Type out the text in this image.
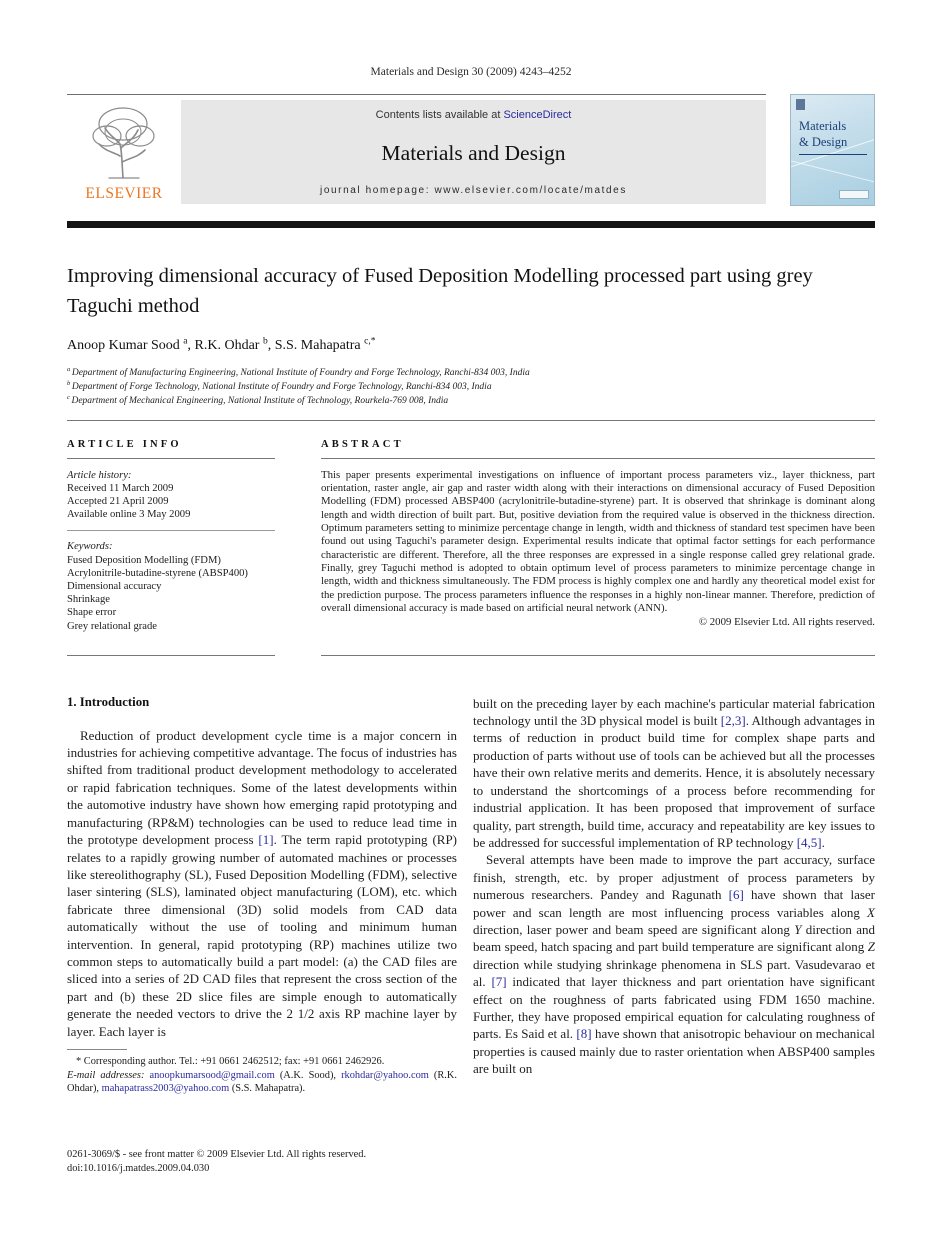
Materials and Design 30 (2009) 4243–4252
ELSEVIER
Contents lists available at ScienceDirect
Materials and Design
journal homepage: www.elsevier.com/locate/matdes
Materials
& Design
Improving dimensional accuracy of Fused Deposition Modelling processed part using grey Taguchi method
Anoop Kumar Sood $^a$, R.K. Ohdar $^b$, S.S. Mahapatra $^{c,*}$
$^a$ Department of Manufacturing Engineering, National Institute of Foundry and Forge Technology, Ranchi-834 003, India
$^b$ Department of Forge Technology, National Institute of Foundry and Forge Technology, Ranchi-834 003, India
$^c$ Department of Mechanical Engineering, National Institute of Technology, Rourkela-769 008, India
ARTICLE INFO
Article history:
Received 11 March 2009
Accepted 21 April 2009
Available online 3 May 2009
Keywords:
Fused Deposition Modelling (FDM)
Acrylonitrile-butadine-styrene (ABSP400)
Dimensional accuracy
Shrinkage
Shape error
Grey relational grade
ABSTRACT
This paper presents experimental investigations on influence of important process parameters viz., layer thickness, part orientation, raster angle, air gap and raster width along with their interactions on dimensional accuracy of Fused Deposition Modelling (FDM) processed ABSP400 (acrylonitrile-butadine-styrene) part. It is observed that shrinkage is dominant along length and width direction of built part. But, positive deviation from the required value is observed in the thickness direction. Optimum parameters setting to minimize percentage change in length, width and thickness of standard test specimen have been found out using Taguchi's parameter design. Experimental results indicate that optimal factor settings for each performance characteristic are different. Therefore, all the three responses are expressed in a single response called grey relational grade. Finally, grey Taguchi method is adopted to obtain optimum level of process parameters to minimize percentage change in length, width and thickness simultaneously. The FDM process is highly complex one and hardly any theoretical model exist for the prediction purpose. The process parameters influence the responses in a highly non-linear manner. Therefore, prediction of overall dimensional accuracy is made based on artificial neural network (ANN).
© 2009 Elsevier Ltd. All rights reserved.
1. Introduction
Reduction of product development cycle time is a major concern in industries for achieving competitive advantage. The focus of industries has shifted from traditional product development methodology to accelerated or rapid fabrication techniques. Some of the latest developments within the automotive industry have shown how emerging rapid prototyping and manufacturing (RP&M) technologies can be used to reduce lead time in the prototype development process [1]. The term rapid prototyping (RP) relates to a rapidly growing number of automated machines or processes like stereolithography (SL), Fused Deposition Modelling (FDM), selective laser sintering (SLS), laminated object manufacturing (LOM), etc. which fabricate three dimensional (3D) solid models from CAD data automatically without the use of tooling and minimum human intervention. In general, rapid prototyping (RP) machines utilize two common steps to automatically build a part model: (a) the CAD files are sliced into a series of 2D CAD files that represent the cross section of the part and (b) these 2D slice files are simple enough to automatically generate the needed vectors to drive the 2 1/2 axis RP machine layer by layer. Each layer is
* Corresponding author. Tel.: +91 0661 2462512; fax: +91 0661 2462926.
E-mail addresses: anoopkumarsood@gmail.com (A.K. Sood), rkohdar@yahoo.com (R.K. Ohdar), mahapatrass2003@yahoo.com (S.S. Mahapatra).
built on the preceding layer by each machine's particular material fabrication technology until the 3D physical model is built [2,3]. Although advantages in terms of reduction in product build time for complex shape parts and production of parts without use of tools can be achieved but all the processes have their own relative merits and demerits. Hence, it is absolutely necessary to understand the shortcomings of a process before recommending for industrial application. It has been proposed that improvement of surface quality, part strength, build time, accuracy and repeatability are key issues to be addressed for successful implementation of RP technology [4,5].
Several attempts have been made to improve the part accuracy, surface finish, strength, etc. by proper adjustment of process parameters by numerous researchers. Pandey and Ragunath [6] have shown that laser power and scan length are most influencing process variables along X direction, laser power and beam speed are significant along Y direction and beam speed, hatch spacing and part build temperature are significant along Z direction while studying shrinkage phenomena in SLS part. Vasudevarao et al. [7] indicated that layer thickness and part orientation have significant effect on the roughness of parts fabricated using FDM 1650 machine. Further, they have proposed empirical equation for calculating roughness of parts. Es Said et al. [8] have shown that anisotropic behaviour on mechanical properties is caused mainly due to raster orientation when ABSP400 samples are built on
0261-3069/$ - see front matter © 2009 Elsevier Ltd. All rights reserved.
doi:10.1016/j.matdes.2009.04.030
